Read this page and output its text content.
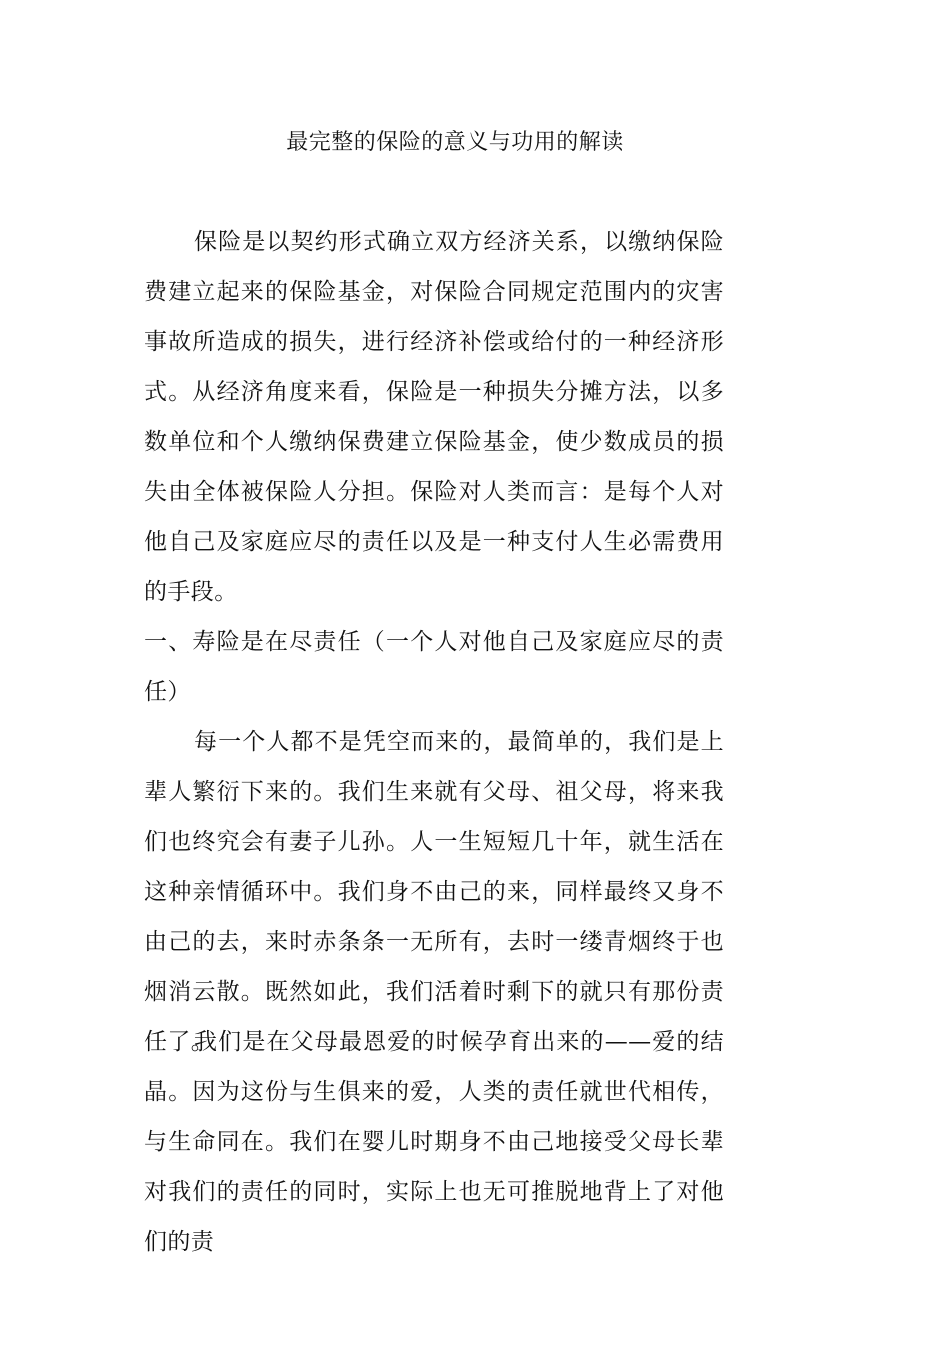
最完整的保险的意义与功用的解读

保险是以契约形式确立双方经济关系，以缴纳保险费建立起来的保险基金，对保险合同规定范围内的灾害事故所造成的损失，进行经济补偿或给付的一种经济形式。从经济角度来看，保险是一种损失分摊方法，以多数单位和个人缴纳保费建立保险基金，使少数成员的损失由全体被保险人分担。保险对人类而言：是每个人对他自己及家庭应尽的责任以及是一种支付人生必需费用的手段。

一、寿险是在尽责任（一个人对他自己及家庭应尽的责任）

每一个人都不是凭空而来的，最简单的，我们是上辈人繁衍下来的。我们生来就有父母、祖父母，将来我们也终究会有妻子儿孙。人一生短短几十年，就生活在这种亲情循环中。我们身不由己的来，同样最终又身不由己的去，来时赤条条一无所有，去时一缕青烟终于也烟消云散。既然如此，我们活着时剩下的就只有那份责任了。

我们是在父母最恩爱的时候孕育出来的——爱的结晶。因为这份与生俱来的爱，人类的责任就世代相传，与生命同在。我们在婴儿时期身不由己地接受父母长辈对我们的责任的同时，实际上也无可推脱地背上了对他们的责
